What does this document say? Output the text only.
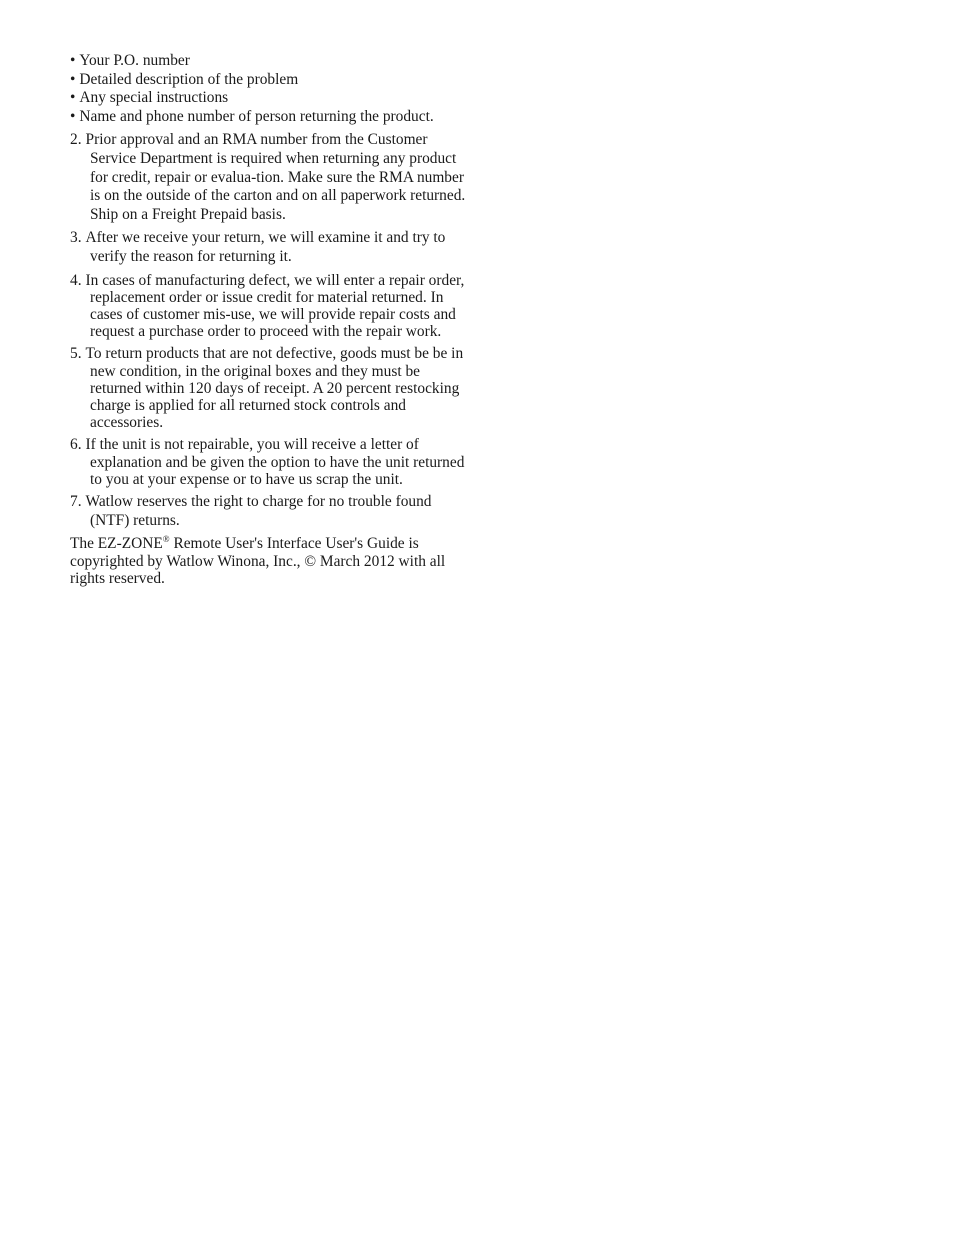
• Your P.O. number
• Detailed description of the problem
• Any special instructions
• Name and phone number of person returning the product.
2. Prior approval and an RMA number from the Customer Service Department is required when returning any product for credit, repair or evalua-tion. Make sure the RMA number is on the outside of the carton and on all paperwork returned. Ship on a Freight Prepaid basis.
3. After we receive your return, we will examine it and try to verify the reason for returning it.
4. In cases of manufacturing defect, we will enter a repair order, replacement order or issue credit for material returned. In cases of customer mis-use, we will provide repair costs and request a purchase order to proceed with the repair work.
5. To return products that are not defective, goods must be be in new condition, in the original boxes and they must be returned within 120 days of receipt. A 20 percent restocking charge is applied for all returned stock controls and accessories.
6. If the unit is not repairable, you will receive a letter of explanation and be given the option to have the unit returned to you at your expense or to have us scrap the unit.
7. Watlow reserves the right to charge for no trouble found (NTF) returns.

The EZ-ZONE® Remote User's Interface User's Guide is copyrighted by Watlow Winona, Inc., © March 2012 with all rights reserved.
